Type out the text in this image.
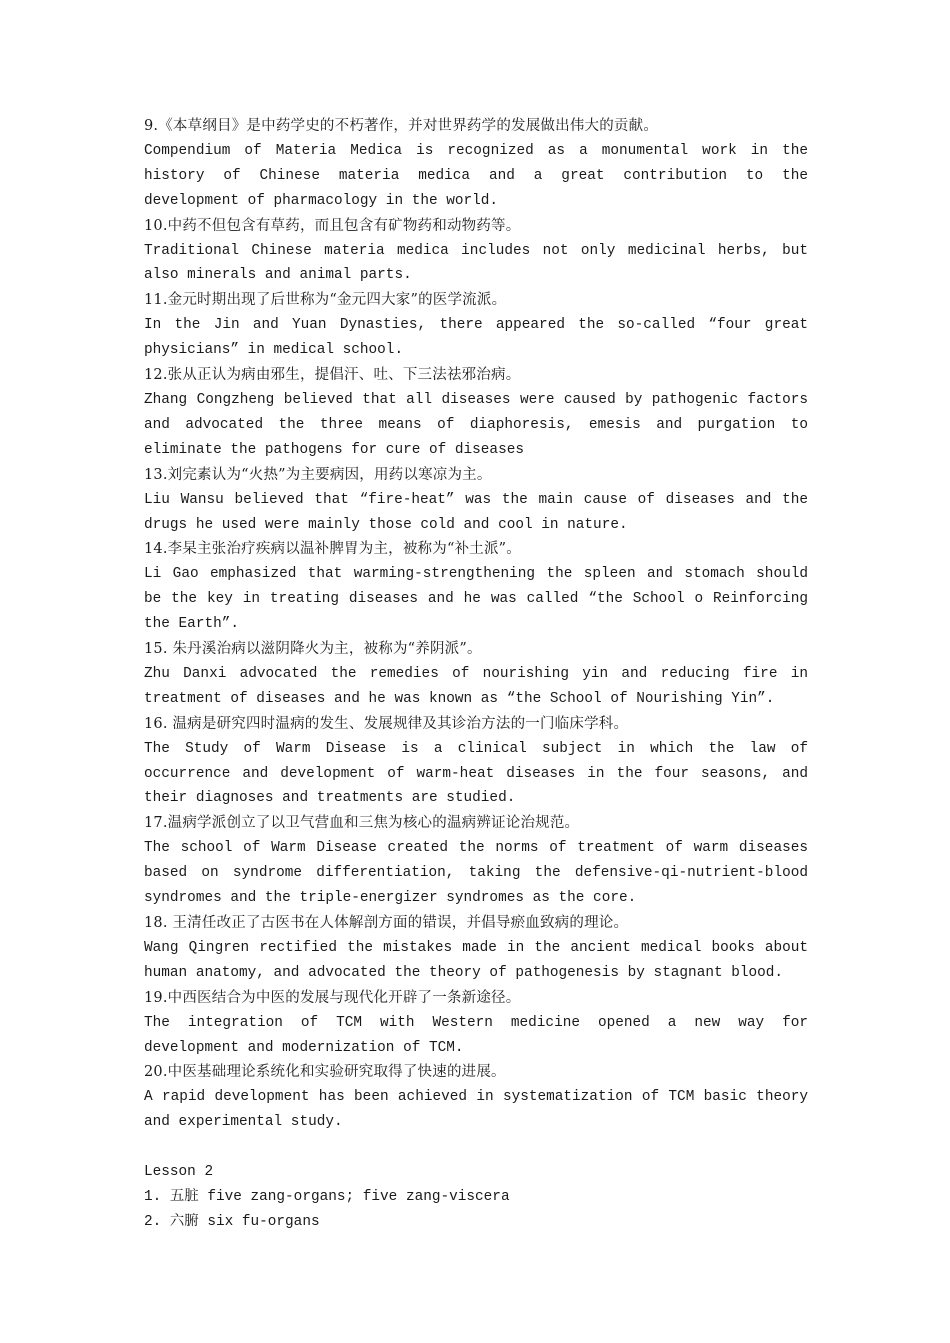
9.《本草纲目》是中药学史的不朽著作，并对世界药学的发展做出伟大的贡献。

Compendium of Materia Medica is recognized as a monumental work in the history of Chinese materia medica and a great contribution to the development of pharmacology in the world.

10.中药不但包含有草药，而且包含有矿物药和动物药等。

Traditional Chinese materia medica includes not only medicinal herbs, but also minerals and animal parts.

11.金元时期出现了后世称为“金元四大家”的医学流派。

In the Jin and Yuan Dynasties, there appeared the so-called “four great physicians” in medical school.

12.张从正认为病由邪生，提倡汗、吐、下三法祛邪治病。

Zhang Congzheng believed that all diseases were caused by pathogenic factors and advocated the three means of diaphoresis, emesis and purgation to eliminate the pathogens for cure of diseases

13.刘完素认为“火热”为主要病因，用药以寒凉为主。

Liu Wansu believed that “fire-heat” was the main cause of diseases and the drugs he used were mainly those cold and cool in nature.

14.李杲主张治疗疾病以温补脾胃为主，被称为“补土派”。

Li Gao emphasized that warming-strengthening the spleen and stomach should be the key in treating diseases and he was called “the School o Reinforcing the Earth”.

15. 朱丹溪治病以滋阴降火为主，被称为“养阴派”。

Zhu Danxi advocated the remedies of nourishing yin and reducing fire in treatment of diseases and he was known as “the School of Nourishing Yin”.

16. 温病是研究四时温病的发生、发展规律及其诊治方法的一门临床学科。

The Study of Warm Disease is a clinical subject in which the law of occurrence and development of warm-heat diseases in the four seasons, and their diagnoses and treatments are studied.

17.温病学派创立了以卫气营血和三焦为核心的温病辨证论治规范。

The school of Warm Disease created the norms of treatment of warm diseases based on syndrome differentiation, taking the defensive-qi-nutrient-blood syndromes and the triple-energizer syndromes as the core.

18. 王清任改正了古医书在人体解剖方面的错误，并倡导瘀血致病的理论。

Wang Qingren rectified the mistakes made in the ancient medical books about human anatomy, and advocated the theory of pathogenesis by stagnant blood.

19.中西医结合为中医的发展与现代化开辟了一条新途径。

The integration of TCM with Western medicine opened a new way for development and modernization of TCM.

20.中医基础理论系统化和实验研究取得了快速的进展。

A rapid development has been achieved in systematization of TCM basic theory and experimental study.

Lesson 2

1. 五脏 five zang-organs; five zang-viscera

2. 六腑 six fu-organs
